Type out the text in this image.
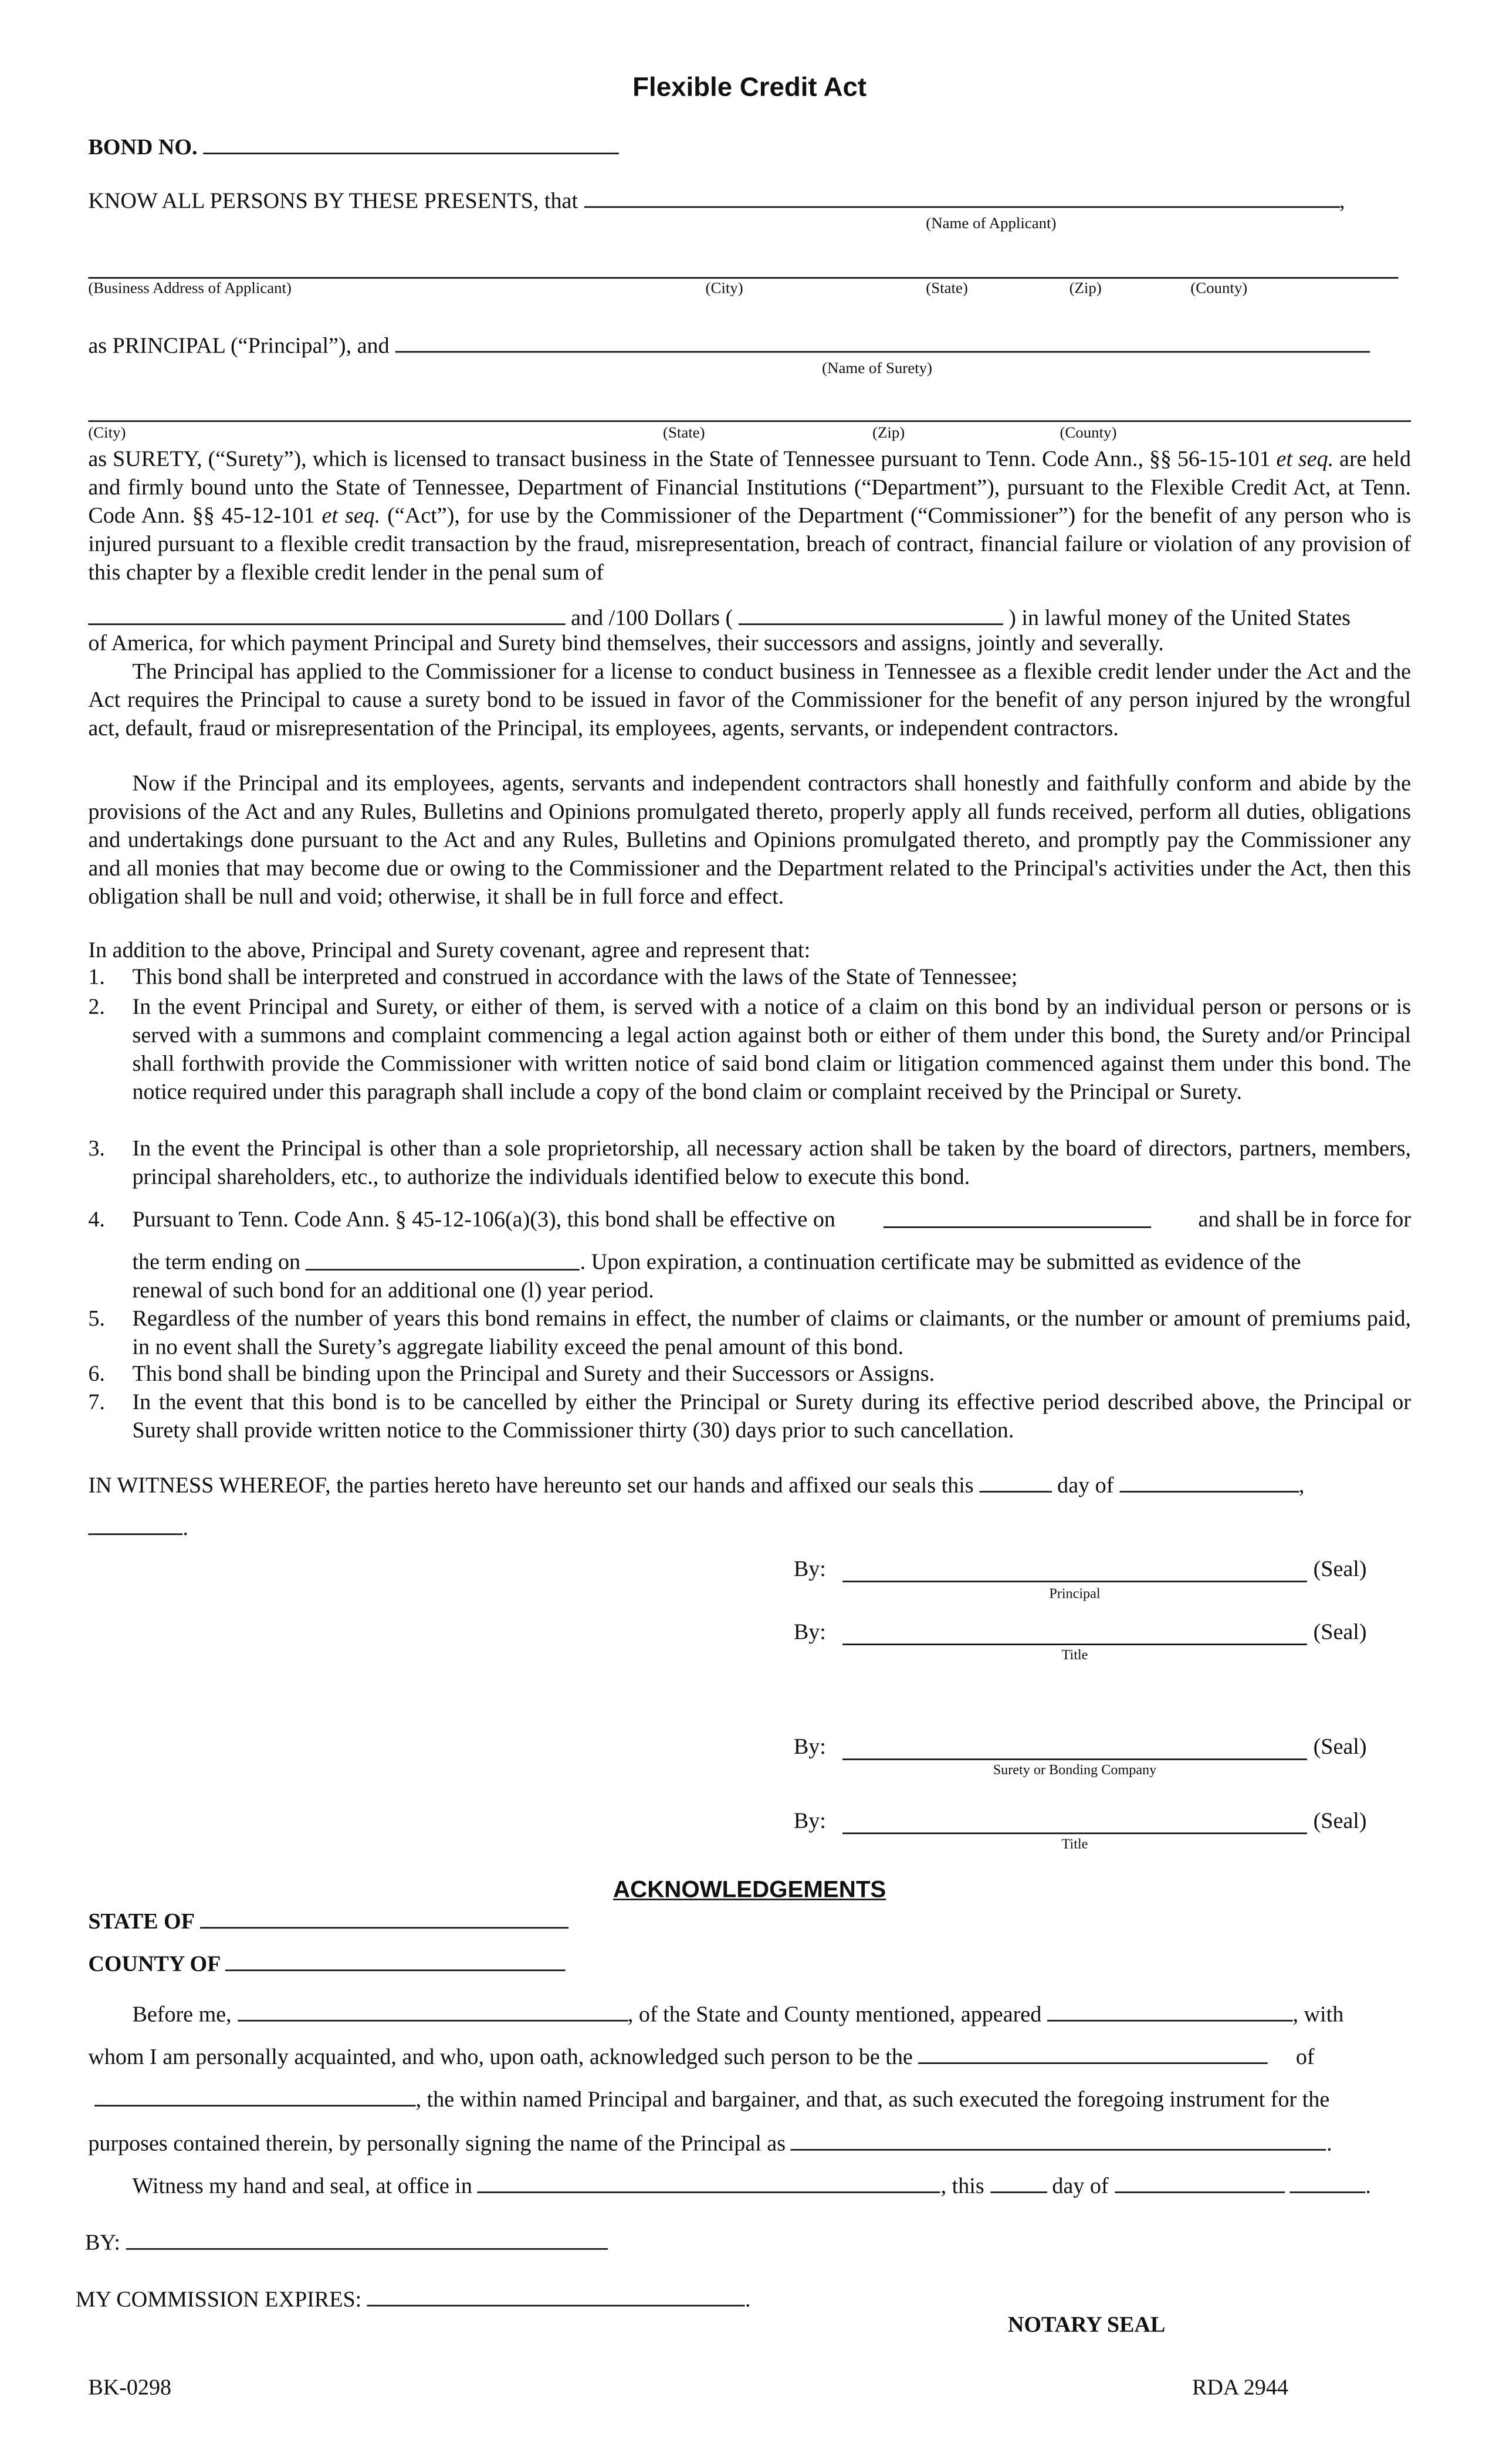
Flexible Credit Act
BOND NO.
KNOW ALL PERSONS BY THESE PRESENTS, that	,
(Name of Applicant)
(Business Address of Applicant)	(City)	(State)	(Zip)	(County)
as PRINCIPAL (“Principal”), and
(Name of Surety)
(City)	(State)	(Zip)	(County)
as SURETY, (“Surety”), which is licensed to transact business in the State of Tennessee pursuant to Tenn. Code Ann., §§ 56-15-101 et seq. are held and firmly bound unto the State of Tennessee, Department of Financial Institutions (“Department”), pursuant to the Flexible Credit Act, at Tenn. Code Ann. §§ 45-12-101 et seq. (“Act”), for use by the Commissioner of the Department (“Commissioner”) for the benefit of any person who is injured pursuant to a flexible credit transaction by the fraud, misrepresentation, breach of contract, financial failure or violation of any provision of this chapter by a flexible credit lender in the penal sum of
and /100 Dollars (	) in lawful money of the United States
of America, for which payment Principal and Surety bind themselves, their successors and assigns, jointly and severally.
The Principal has applied to the Commissioner for a license to conduct business in Tennessee as a flexible credit lender under the Act and the Act requires the Principal to cause a surety bond to be issued in favor of the Commissioner for the benefit of any person injured by the wrongful act, default, fraud or misrepresentation of the Principal, its employees, agents, servants, or independent contractors.
Now if the Principal and its employees, agents, servants and independent contractors shall honestly and faithfully conform and abide by the provisions of the Act and any Rules, Bulletins and Opinions promulgated thereto, properly apply all funds received, perform all duties, obligations and undertakings done pursuant to the Act and any Rules, Bulletins and Opinions promulgated thereto, and promptly pay the Commissioner any and all monies that may become due or owing to the Commissioner and the Department related to the Principal's activities under the Act, then this obligation shall be null and void; otherwise, it shall be in full force and effect.
In addition to the above, Principal and Surety covenant, agree and represent that:
1.	This bond shall be interpreted and construed in accordance with the laws of the State of Tennessee;
2.	In the event Principal and Surety, or either of them, is served with a notice of a claim on this bond by an individual person or persons or is served with a summons and complaint commencing a legal action against both or either of them under this bond, the Surety and/or Principal shall forthwith provide the Commissioner with written notice of said bond claim or litigation commenced against them under this bond. The notice required under this paragraph shall include a copy of the bond claim or complaint received by the Principal or Surety.
3.	In the event the Principal is other than a sole proprietorship, all necessary action shall be taken by the board of directors, partners, members, principal shareholders, etc., to authorize the individuals identified below to execute this bond.
4.	Pursuant to Tenn. Code Ann. § 45-12-106(a)(3), this bond shall be effective on	and shall be in force for
the term ending on
	. Upon expiration, a continuation certificate may be submitted as evidence of the
renewal of such bond for an additional one (l) year period.
5.	Regardless of the number of years this bond remains in effect, the number of claims or claimants, or the number or amount of premiums paid, in no event shall the Surety’s aggregate liability exceed the penal amount of this bond.
6.	This bond shall be binding upon the Principal and Surety and their Successors or Assigns.
7.	In the event that this bond is to be cancelled by either the Principal or Surety during its effective period described above, the Principal or Surety shall provide written notice to the Commissioner thirty (30) days prior to such cancellation.
IN WITNESS WHEREOF, the parties hereto have hereunto set our hands and affixed our seals this	day of	,
.
By:	(Seal)
Principal
By:	(Seal)
Title
By:	(Seal)
Surety or Bonding Company
By:	(Seal)
Title
ACKNOWLEDGEMENTS
STATE OF
COUNTY OF
Before me,	, of the State and County mentioned, appeared	, with
whom I am personally acquainted, and who, upon oath, acknowledged such person to be the	of
, the within named Principal and bargainer, and that, as such executed the foregoing instrument for the
purposes contained therein, by personally signing the name of the Principal as	.
Witness my hand and seal, at office in	, this	day of	.
BY:
MY COMMISSION EXPIRES:	.
NOTARY SEAL
BK-0298	RDA 2944
